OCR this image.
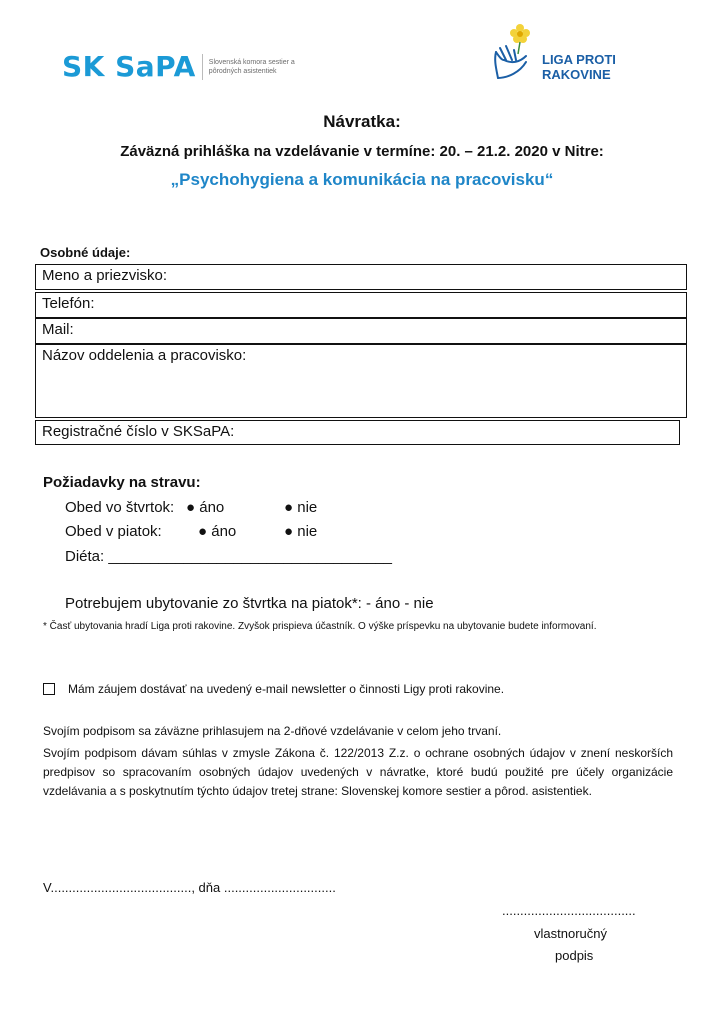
SK SaPA Slovenská komora sestier a pôrodných asistentiek
LIGA PROTI
RAKOVINE
Návratka:
Záväzná prihláška na vzdelávanie v termíne: 20. – 21.2. 2020 v Nitre:
„Psychohygiena a komunikácia na pracovisku“
Osobné údaje:
Meno a priezvisko:
Telefón:
Mail:
Názov oddelenia a pracovisko:
Registračné číslo v SKSaPA:
Požiadavky na stravu:
Obed vo štvrtok: ● áno	● nie
Obed v piatok: ● áno	● nie
Diéta: __________________________________
Potrebujem ubytovanie zo štvrtka na piatok*: - áno - nie
* Časť ubytovania hradí Liga proti rakovine. Zvyšok prispieva účastník. O výške príspevku na ubytovanie budete informovaní.
Mám záujem dostávať na uvedený e-mail newsletter o činnosti Ligy proti rakovine.
Svojím podpisom sa záväzne prihlasujem na 2-dňové vzdelávanie v celom jeho trvaní.
Svojím podpisom dávam súhlas v zmysle Zákona č. 122/2013 Z.z. o ochrane osobných údajov v znení neskorších predpisov so spracovaním osobných údajov uvedených v návratke, ktoré budú použité pre účely organizácie vzdelávania a s poskytnutím týchto údajov tretej strane: Slovenskej komore sestier a pôrod. asistentiek.
V......................................., dňa ...............................
.....................................
vlastnoručný
podpis
